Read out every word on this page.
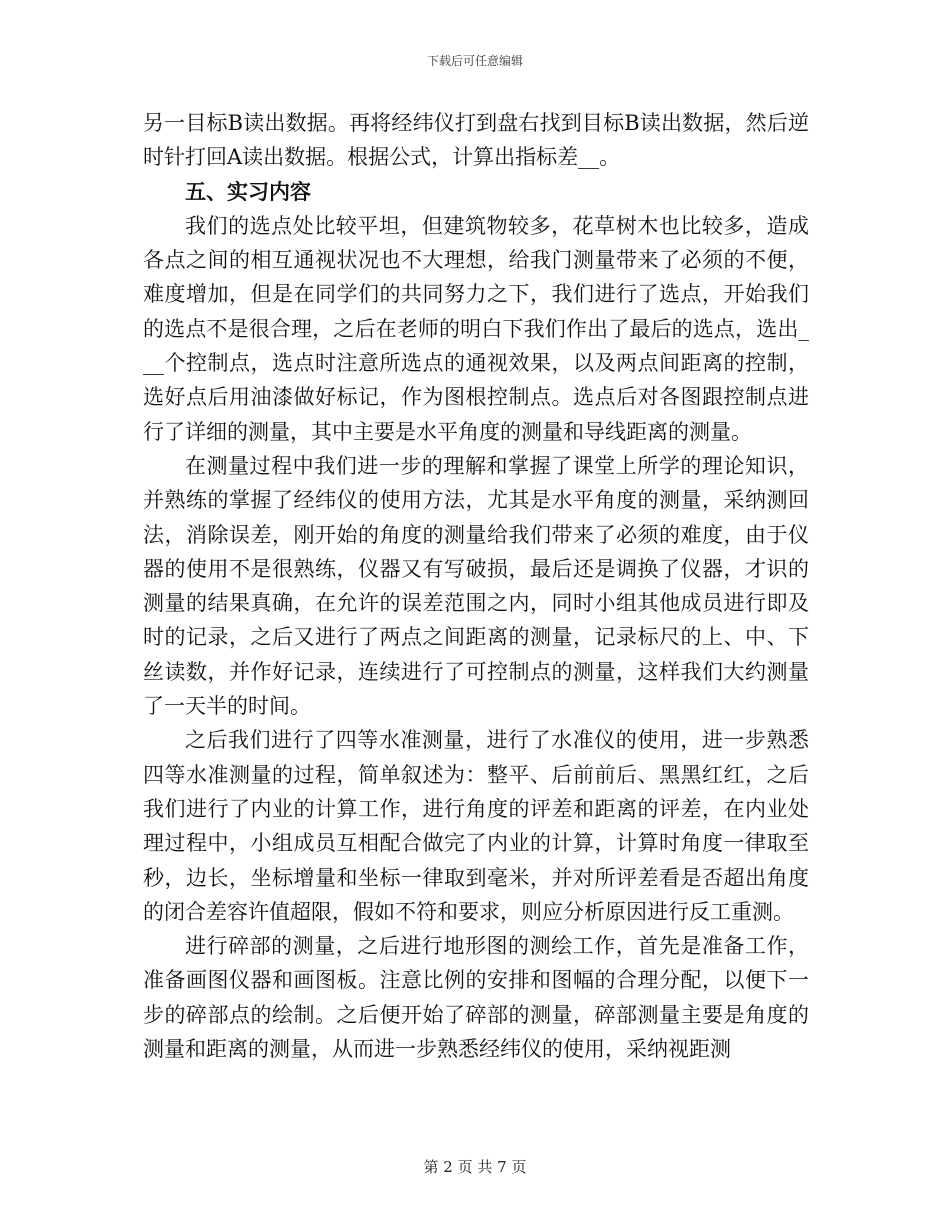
下载后可任意编辑

另一目标B读出数据。再将经纬仪打到盘右找到目标B读出数据，然后逆时针打回A读出数据。根据公式，计算出指标差__。

五、实习内容

我们的选点处比较平坦，但建筑物较多，花草树木也比较多，造成各点之间的相互通视状况也不大理想，给我门测量带来了必须的不便，难度增加，但是在同学们的共同努力之下，我们进行了选点，开始我们的选点不是很合理，之后在老师的明白下我们作出了最后的选点，选出___个控制点，选点时注意所选点的通视效果，以及两点间距离的控制，选好点后用油漆做好标记，作为图根控制点。选点后对各图跟控制点进行了详细的测量，其中主要是水平角度的测量和导线距离的测量。

在测量过程中我们进一步的理解和掌握了课堂上所学的理论知识，并熟练的掌握了经纬仪的使用方法，尤其是水平角度的测量，采纳测回法，消除误差，刚开始的角度的测量给我们带来了必须的难度，由于仪器的使用不是很熟练，仪器又有写破损，最后还是调换了仪器，才识的测量的结果真确，在允许的误差范围之内，同时小组其他成员进行即及时的记录，之后又进行了两点之间距离的测量，记录标尺的上、中、下丝读数，并作好记录，连续进行了可控制点的测量，这样我们大约测量了一天半的时间。

之后我们进行了四等水准测量，进行了水准仪的使用，进一步熟悉四等水准测量的过程，简单叙述为：整平、后前前后、黑黑红红，之后我们进行了内业的计算工作，进行角度的评差和距离的评差，在内业处理过程中，小组成员互相配合做完了内业的计算，计算时角度一律取至秒，边长，坐标增量和坐标一律取到毫米，并对所评差看是否超出角度的闭合差容许值超限，假如不符和要求，则应分析原因进行反工重测。

进行碎部的测量，之后进行地形图的测绘工作，首先是准备工作，准备画图仪器和画图板。注意比例的安排和图幅的合理分配，以便下一步的碎部点的绘制。之后便开始了碎部的测量，碎部测量主要是角度的测量和距离的测量，从而进一步熟悉经纬仪的使用，采纳视距测

第 2 页 共 7 页
